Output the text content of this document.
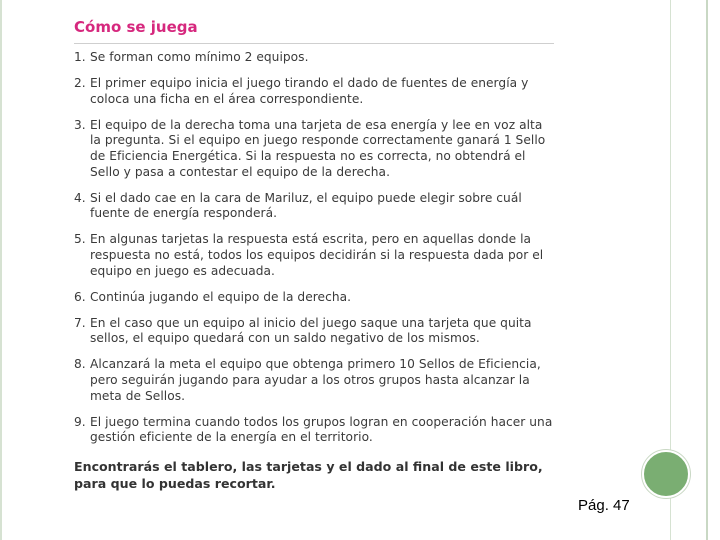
Cómo se juega
1. Se forman como mínimo 2 equipos.

2. El primer equipo inicia el juego tirando el dado de fuentes de energía y coloca una ficha en el área correspondiente.

3. El equipo de la derecha toma una tarjeta de esa energía y lee en voz alta la pregunta. Si el equipo en juego responde correctamente ganará 1 Sello de Eficiencia Energética. Si la respuesta no es correcta, no obtendrá el Sello y pasa a contestar el equipo de la derecha.

4. Si el dado cae en la cara de Mariluz, el equipo puede elegir sobre cuál fuente de energía responderá.

5. En algunas tarjetas la respuesta está escrita, pero en aquellas donde la respuesta no está, todos los equipos decidirán si la respuesta dada por el equipo en juego es adecuada.

6. Continúa jugando el equipo de la derecha.

7. En el caso que un equipo al inicio del juego saque una tarjeta que quita sellos, el equipo quedará con un saldo negativo de los mismos.

8. Alcanzará la meta el equipo que obtenga primero 10 Sellos de Eficiencia, pero seguirán jugando para ayudar a los otros grupos hasta alcanzar la meta de Sellos.

9. El juego termina cuando todos los grupos logran en cooperación hacer una gestión eficiente de la energía en el territorio.

Encontrarás el tablero, las tarjetas y el dado al final de este libro, para que lo puedas recortar.
Pág. 47
